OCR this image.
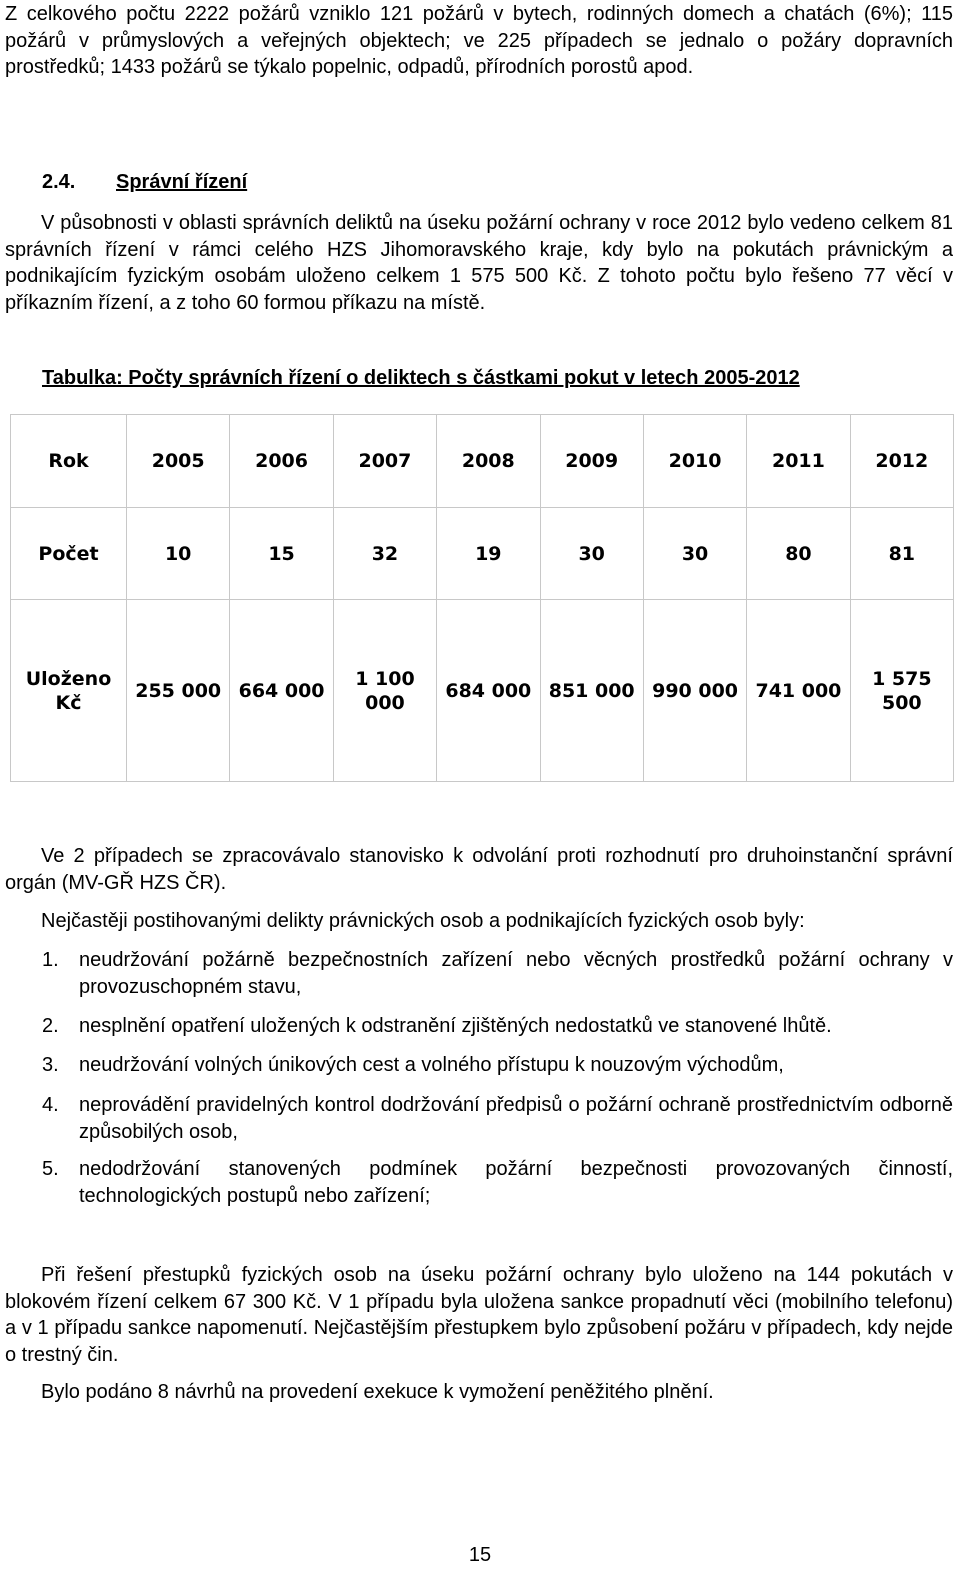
Z celkového počtu 2222 požárů vzniklo 121 požárů v bytech, rodinných domech a chatách (6%); 115 požárů v průmyslových a veřejných objektech; ve 225 případech se jednalo o požáry dopravních prostředků; 1433 požárů se týkalo popelnic, odpadů, přírodních porostů apod.

2.4. Správní řízení

V působnosti v oblasti správních deliktů na úseku požární ochrany v roce 2012 bylo vedeno celkem 81 správních řízení v rámci celého HZS Jihomoravského kraje, kdy bylo na pokutách právnickým a podnikajícím fyzickým osobám uloženo celkem 1 575 500 Kč. Z tohoto počtu bylo řešeno 77 věcí v příkazním řízení, a z toho 60 formou příkazu na místě.

Tabulka: Počty správních řízení o deliktech s částkami pokut v letech 2005-2012
Rok	2005	2006	2007	2008	2009	2010	2011	2012
Počet	10	15	32	19	30	30	80	81
Uloženo Kč	255 000	664 000	1 100 000	684 000	851 000	990 000	741 000	1 575 500

Ve 2 případech se zpracovávalo stanovisko k odvolání proti rozhodnutí pro druhoinstanční správní orgán (MV-GŘ HZS ČR).

Nejčastěji postihovanými delikty právnických osob a podnikajících fyzických osob byly:

1. neudržování požárně bezpečnostních zařízení nebo věcných prostředků požární ochrany v provozuschopném stavu,
2. nesplnění opatření uložených k odstranění zjištěných nedostatků ve stanovené lhůtě.
3. neudržování volných únikových cest a volného přístupu k nouzovým východům,
4. neprovádění pravidelných kontrol dodržování předpisů o požární ochraně prostřednictvím odborně způsobilých osob,
5. nedodržování stanovených podmínek požární bezpečnosti provozovaných činností, technologických postupů nebo zařízení;

Při řešení přestupků fyzických osob na úseku požární ochrany bylo uloženo na 144 pokutách v blokovém řízení celkem 67 300 Kč. V 1 případu byla uložena sankce propadnutí věci (mobilního telefonu) a v 1 případu sankce napomenutí. Nejčastějším přestupkem bylo způsobení požáru v případech, kdy nejde o trestný čin.

Bylo podáno 8 návrhů na provedení exekuce k vymožení peněžitého plnění.

15
